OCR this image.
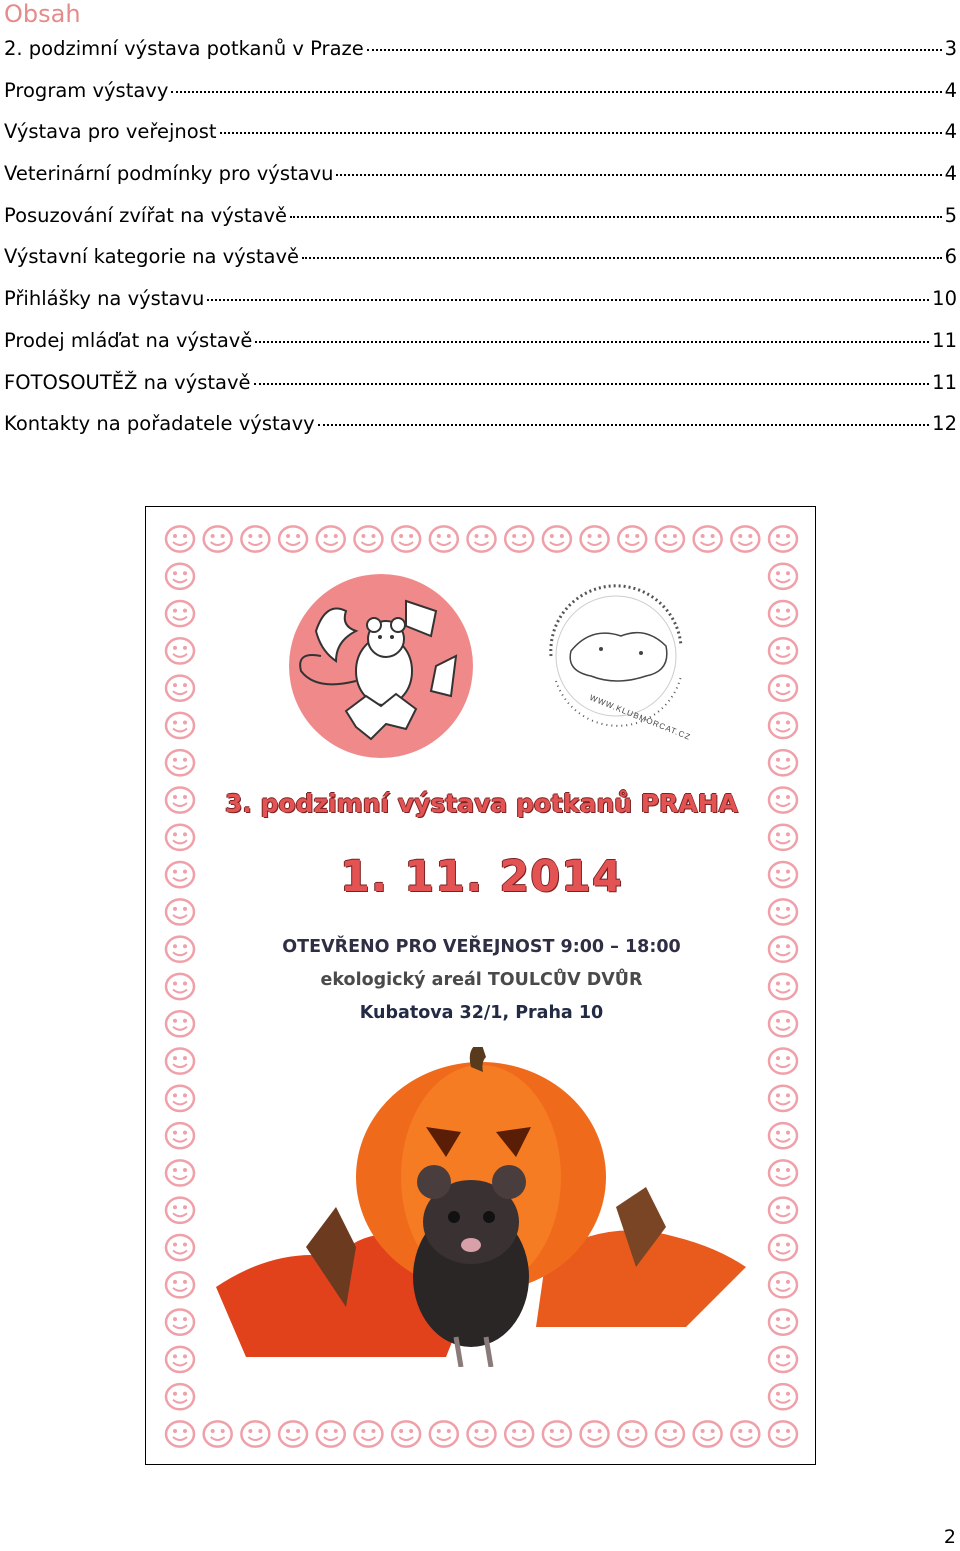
Obsah
2. podzimní výstava potkanů v Praze	3
Program výstavy	4
Výstava pro veřejnost	4
Veterinární podmínky pro výstavu	4
Posuzování zvířat na výstavě	5
Výstavní kategorie na výstavě	6
Přihlášky na výstavu	10
Prodej mláďat na výstavě	11
FOTOSOUTĚŽ na výstavě	11
Kontakty na pořadatele výstavy	12
WWW.KLUBMORCAT.CZ
3. podzimní výstava potkanů PRAHA
1. 11. 2014
OTEVŘENO PRO VEŘEJNOST 9:00 – 18:00
ekologický areál TOULCŮV DVŮR
Kubatova 32/1, Praha 10
2
